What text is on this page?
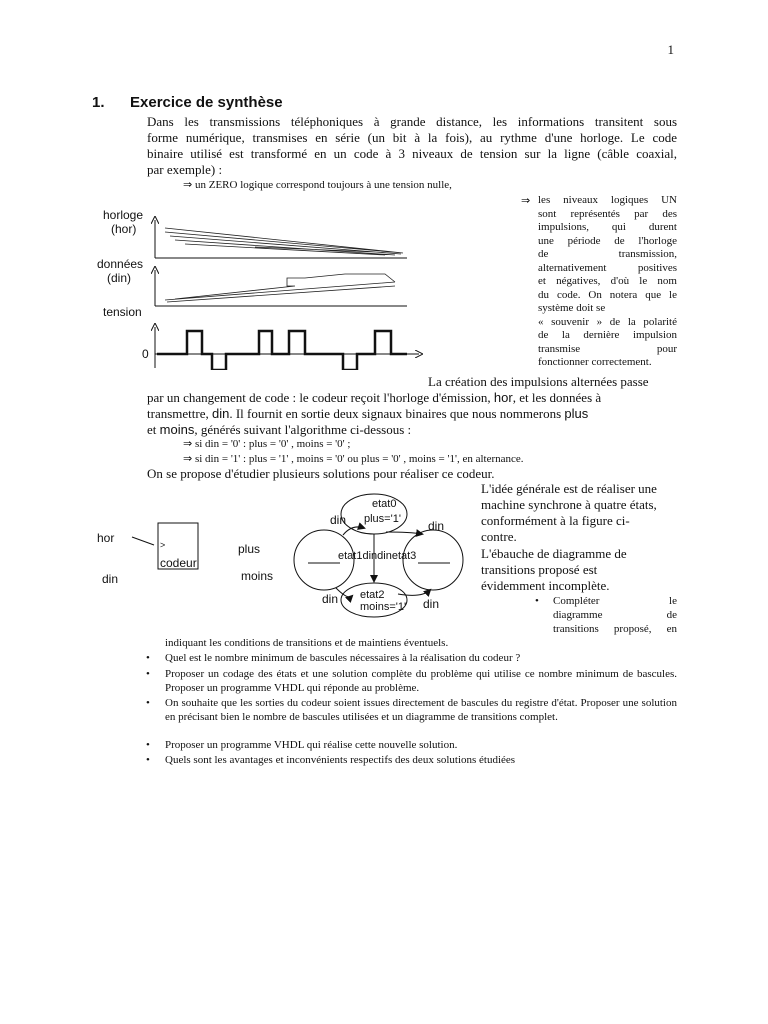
1
1. Exercice de synthèse
Dans les transmissions téléphoniques à grande distance, les informations transitent sous
forme numérique, transmises en série (un bit à la fois), au rythme d'une horloge. Le code
binaire utilisé est transformé en un code à 3 niveaux de tension sur la ligne (câble coaxial,
par exemple) :
⇒ un ZERO logique correspond toujours à une tension nulle,
⇒ les niveaux logiques UN
sont représentés par des
impulsions, qui durent
une période de l'horloge
de transmission,
alternativement positives
et négatives, d'où le nom
du code. On notera que le
système doit se
« souvenir » de la polarité
de la dernière impulsion
transmise pour
fonctionner correctement.
horloge
(hor)
données
(din)
tension
0
La création des impulsions alternées passe
par un changement de code : le codeur reçoit l'horloge d'émission, hor, et les données à
transmettre, din. Il fournit en sortie deux signaux binaires que nous nommerons plus
et moins, générés suivant l'algorithme ci-dessous :
⇒ si din = '0' : plus = '0' , moins = '0' ;
⇒ si din = '1' : plus = '1' , moins = '0' ou plus = '0' , moins = '1', en alternance.
On se propose d'étudier plusieurs solutions pour réaliser ce codeur.
L'idée générale est de réaliser une
machine synchrone à quatre états,
conformément à la figure ci-
contre.
L'ébauche de diagramme de
transitions proposé est
évidemment incomplète.
hor
din
>
codeur
plus
moins
etat0
plus='1'
etat1dindinetat3
etat2
moins='1'
din	din
din	din	• Compléter le
diagramme de
transitions proposé, en
indiquant les conditions de transitions et de maintiens éventuels.
• Quel est le nombre minimum de bascules nécessaires à la réalisation du codeur ?
• Proposer un codage des états et une solution complète du problème qui utilise ce nombre minimum de bascules. Proposer un programme VHDL qui réponde au problème.
• On souhaite que les sorties du codeur soient issues directement de bascules du registre d'état. Proposer une solution en précisant bien le nombre de bascules utilisées et un diagramme de transitions complet.
• Proposer un programme VHDL qui réalise cette nouvelle solution.
• Quels sont les avantages et inconvénients respectifs des deux solutions étudiées
